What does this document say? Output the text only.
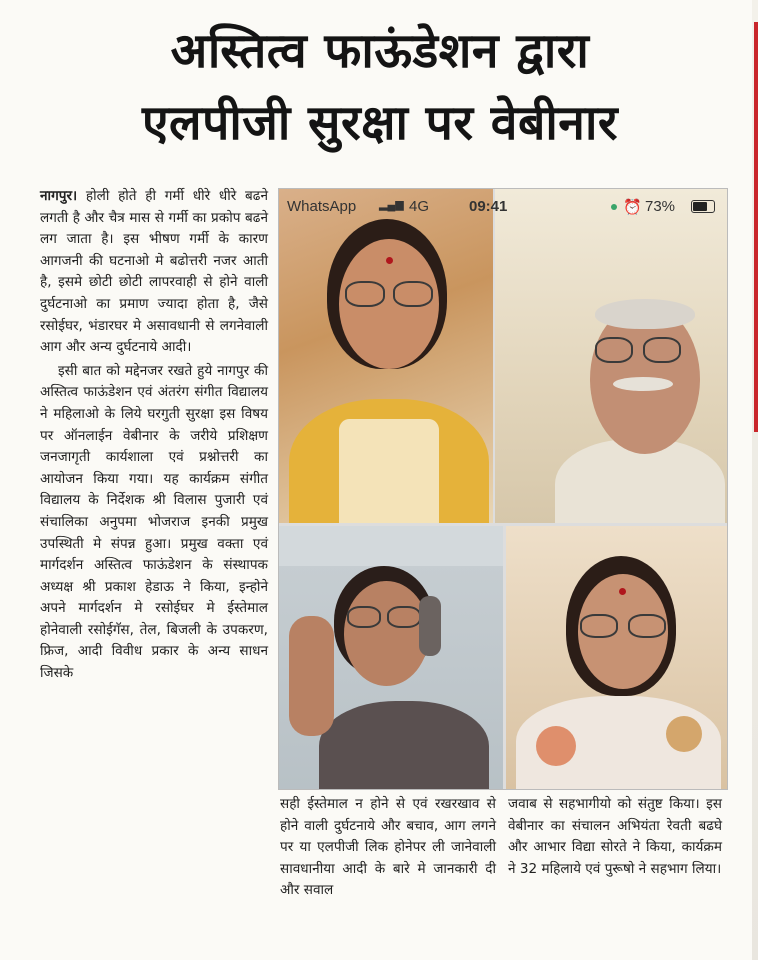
अस्तित्व फाऊंडेशन द्वारा
एलपीजी सुरक्षा पर वेबीनार

नागपुर। होली होते ही गर्मी धीरे धीरे बढने लगती है और चैत्र मास से गर्मी का प्रकोप बढने लग जाता है। इस भीषण गर्मी के कारण आगजनी की घटनाओ मे बढोत्तरी नजर आती है, इसमे छोटी छोटी लापरवाही से होने वाली दुर्घटनाओ का प्रमाण ज्यादा होता है, जैसे रसोईघर, भंडारघर मे असावधानी से लगनेवाली आग और अन्य दुर्घटनाये आदी।

इसी बात को मद्देनजर रखते हुये नागपुर की अस्तित्व फाऊंडेशन एवं अंतरंग संगीत विद्यालय ने महिलाओ के लिये घरगुती सुरक्षा इस विषय पर ऑनलाईन वेबीनार के जरीये प्रशिक्षण जनजागृती कार्यशाला एवं प्रश्नोत्तरी का आयोजन किया गया। यह कार्यक्रम संगीत विद्यालय के निर्देशक श्री विलास पुजारी एवं संचालिका अनुपमा भोजराज इनकी प्रमुख उपस्थिती मे संपन्न हुआ। प्रमुख वक्ता एवं मार्गदर्शन अस्तित्व फाऊंडेशन के संस्थापक अध्यक्ष श्री प्रकाश हेडाऊ ने किया, इन्होने अपने मार्गदर्शन मे रसोईघर मे ईस्तेमाल होनेवाली रसोईगॅस, तेल, बिजली के उपकरण, फ्रिज, आदी विवीध प्रकार के अन्य साधन जिसके

सही ईस्तेमाल न होने से एवं रखरखाव से होने वाली दुर्घटनाये और बचाव, आग लगने पर या एलपीजी लिक होनेपर ली जानेवाली सावधानीया आदी के बारे मे जानकारी दी और सवाल

जवाब से सहभागीयो को संतुष्ट किया। इस वेबीनार का संचालन अभियंता रेवती बढघे और आभार विद्या सोरते ने किया, कार्यक्रम ने 32 महिलाये एवं पुरूषो ने सहभाग लिया।

WhatsApp ▂▄▆ 4G	09:41	⏰ 73%
